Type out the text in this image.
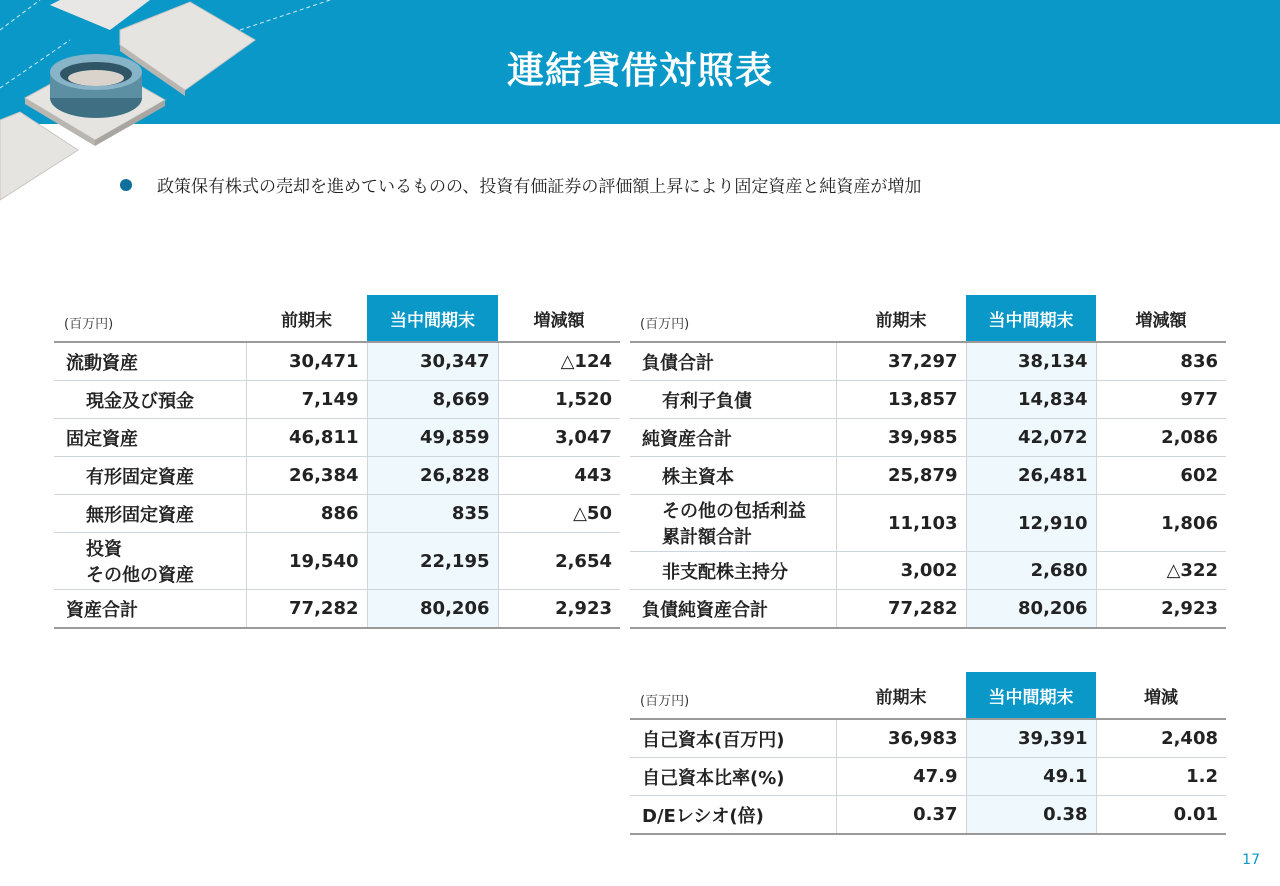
連結貸借対照表
政策保有株式の売却を進めているものの、投資有価証券の評価額上昇により固定資産と純資産が増加
(百万円)	前期末	当中間期末	増減額
流動資産	30,471	30,347	△124
現金及び預金	7,149	8,669	1,520
固定資産	46,811	49,859	3,047
有形固定資産	26,384	26,828	443
無形固定資産	886	835	△50

投資
その他の資産	19,540	22,195	2,654
資産合計	77,282	80,206	2,923
(百万円)	前期末	当中間期末	増減額
負債合計	37,297	38,134	836
有利子負債	13,857	14,834	977
純資産合計	39,985	42,072	2,086
株主資本	25,879	26,481	602

その他の包括利益
累計額合計	11,103	12,910	1,806
非支配株主持分	3,002	2,680	△322
負債純資産合計	77,282	80,206	2,923
(百万円)	前期末	当中間期末	増減
自己資本(百万円)	36,983	39,391	2,408
自己資本比率(%)	47.9	49.1	1.2
D/Eレシオ(倍)	0.37	0.38	0.01
17
